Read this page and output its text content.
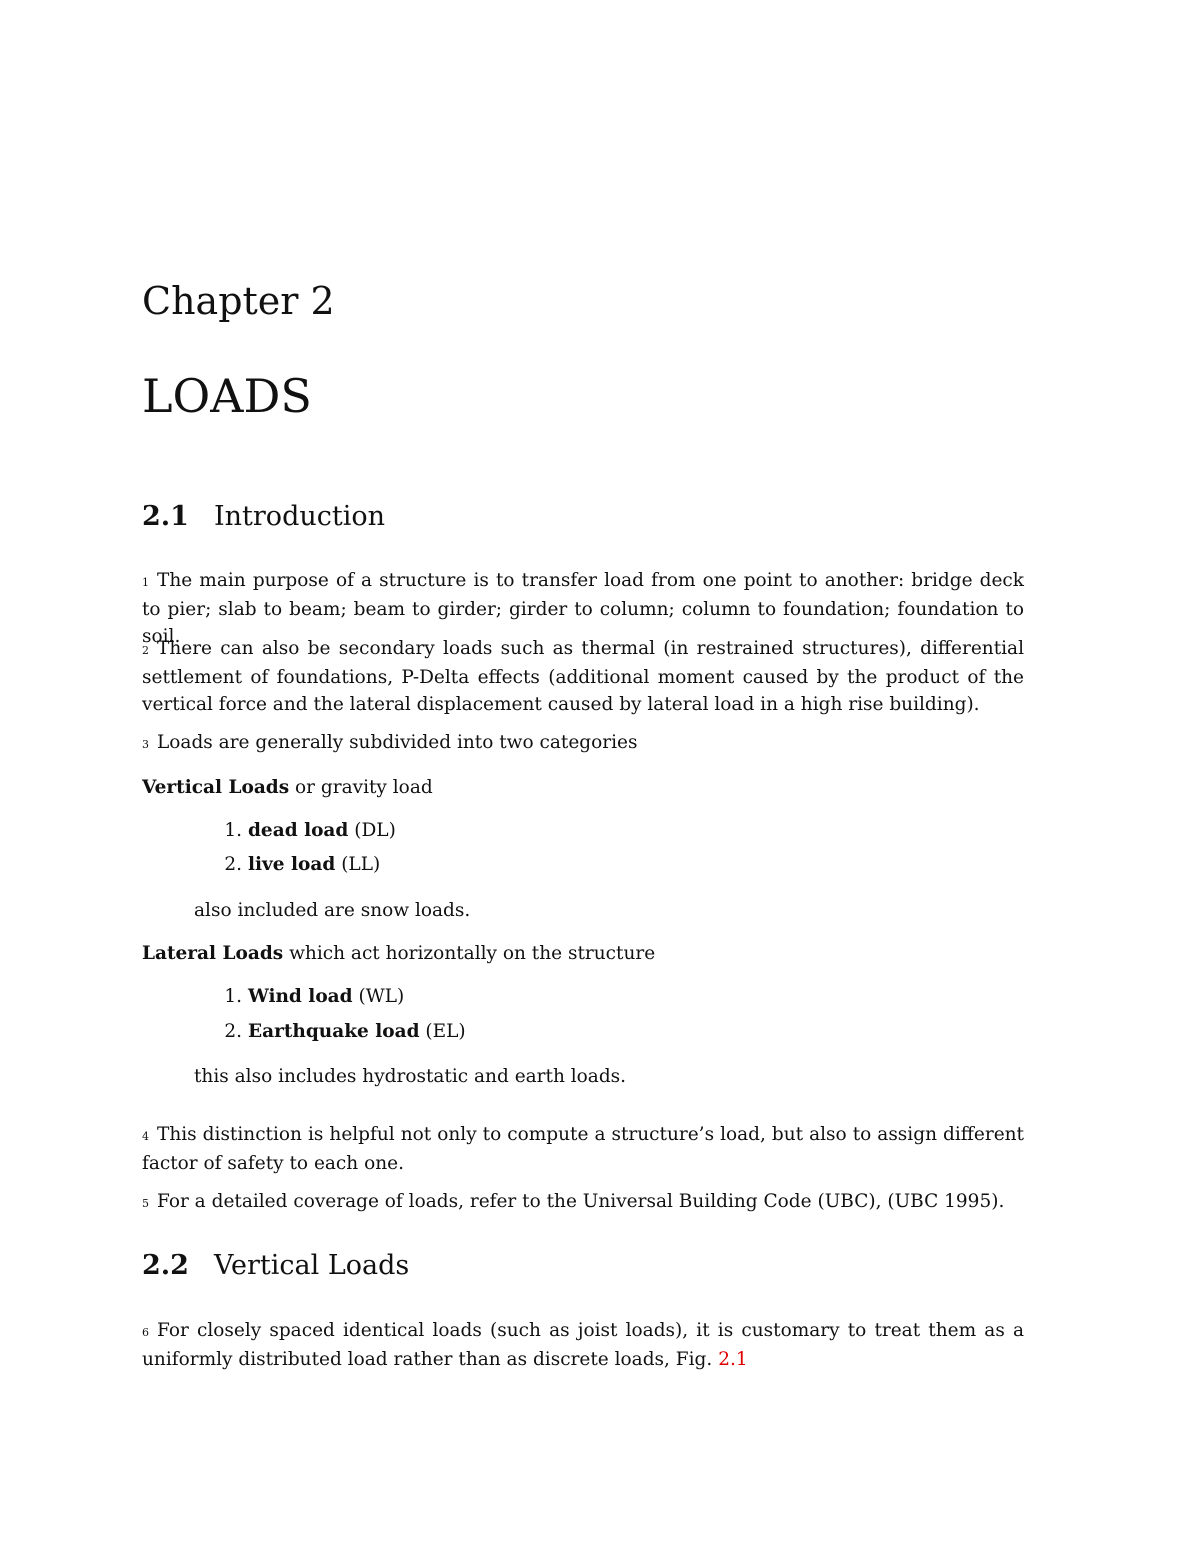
Chapter 2
LOADS
2.1 Introduction
1 The main purpose of a structure is to transfer load from one point to another: bridge deck to pier; slab to beam; beam to girder; girder to column; column to foundation; foundation to soil.
2 There can also be secondary loads such as thermal (in restrained structures), differential settlement of foundations, P-Delta effects (additional moment caused by the product of the vertical force and the lateral displacement caused by lateral load in a high rise building).
3 Loads are generally subdivided into two categories
Vertical Loads or gravity load
1. dead load (DL)
2. live load (LL)
also included are snow loads.
Lateral Loads which act horizontally on the structure
1. Wind load (WL)
2. Earthquake load (EL)
this also includes hydrostatic and earth loads.
4 This distinction is helpful not only to compute a structure’s load, but also to assign different factor of safety to each one.
5 For a detailed coverage of loads, refer to the Universal Building Code (UBC), (UBC 1995).
2.2 Vertical Loads
6 For closely spaced identical loads (such as joist loads), it is customary to treat them as a uniformly distributed load rather than as discrete loads, Fig. 2.1
